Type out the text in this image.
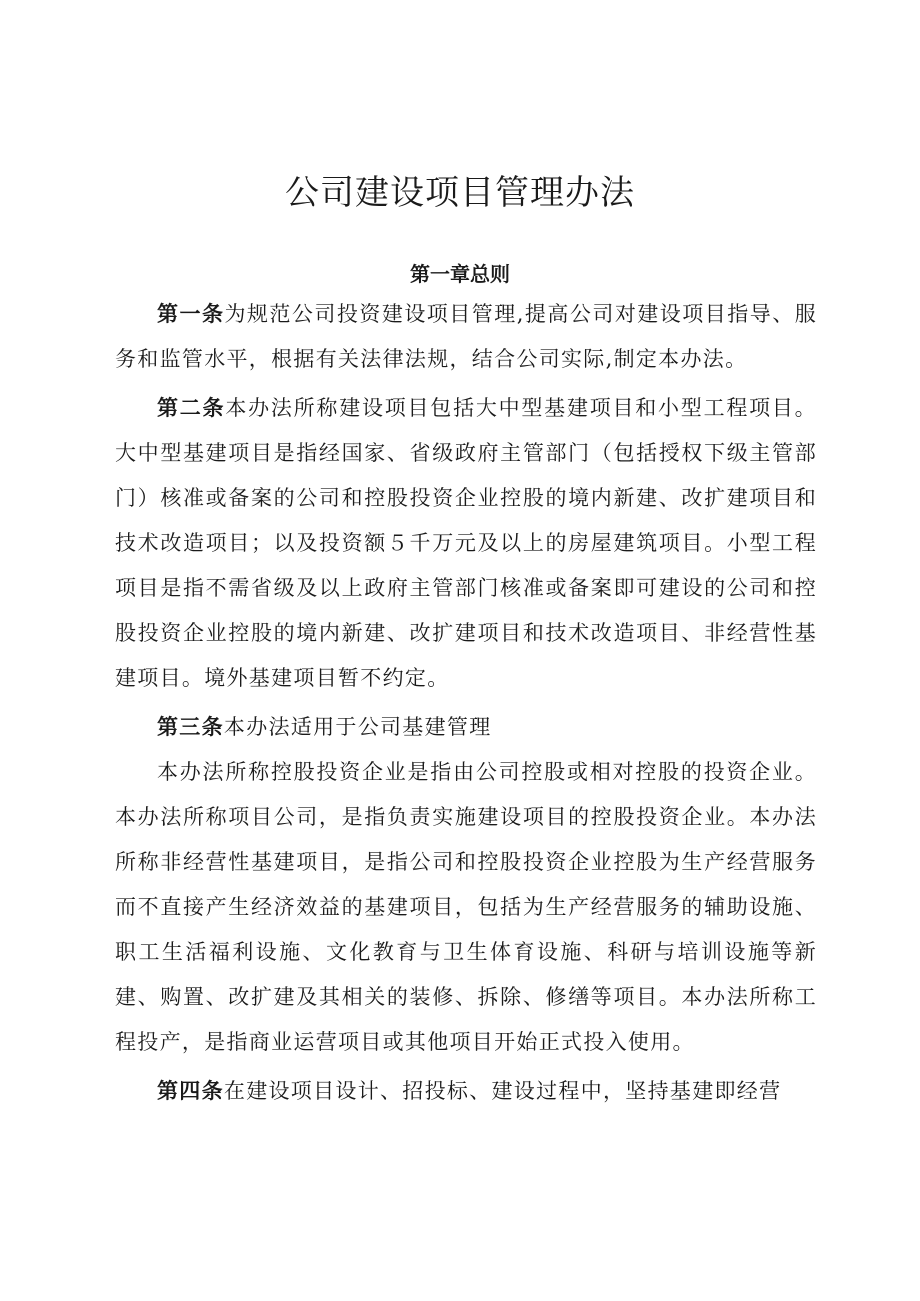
公司建设项目管理办法
第一章总则

第一条为规范公司投资建设项目管理,提高公司对建设项目指导、服务和监管水平，根据有关法律法规，结合公司实际,制定本办法。

第二条本办法所称建设项目包括大中型基建项目和小型工程项目。大中型基建项目是指经国家、省级政府主管部门（包括授权下级主管部门）核准或备案的公司和控股投资企业控股的境内新建、改扩建项目和技术改造项目；以及投资额５千万元及以上的房屋建筑项目。小型工程项目是指不需省级及以上政府主管部门核准或备案即可建设的公司和控股投资企业控股的境内新建、改扩建项目和技术改造项目、非经营性基建项目。境外基建项目暂不约定。

第三条本办法适用于公司基建管理

本办法所称控股投资企业是指由公司控股或相对控股的投资企业。本办法所称项目公司，是指负责实施建设项目的控股投资企业。本办法所称非经营性基建项目，是指公司和控股投资企业控股为生产经营服务而不直接产生经济效益的基建项目，包括为生产经营服务的辅助设施、职工生活福利设施、文化教育与卫生体育设施、科研与培训设施等新建、购置、改扩建及其相关的装修、拆除、修缮等项目。本办法所称工程投产，是指商业运营项目或其他项目开始正式投入使用。

第四条在建设项目设计、招投标、建设过程中，坚持基建即经营
